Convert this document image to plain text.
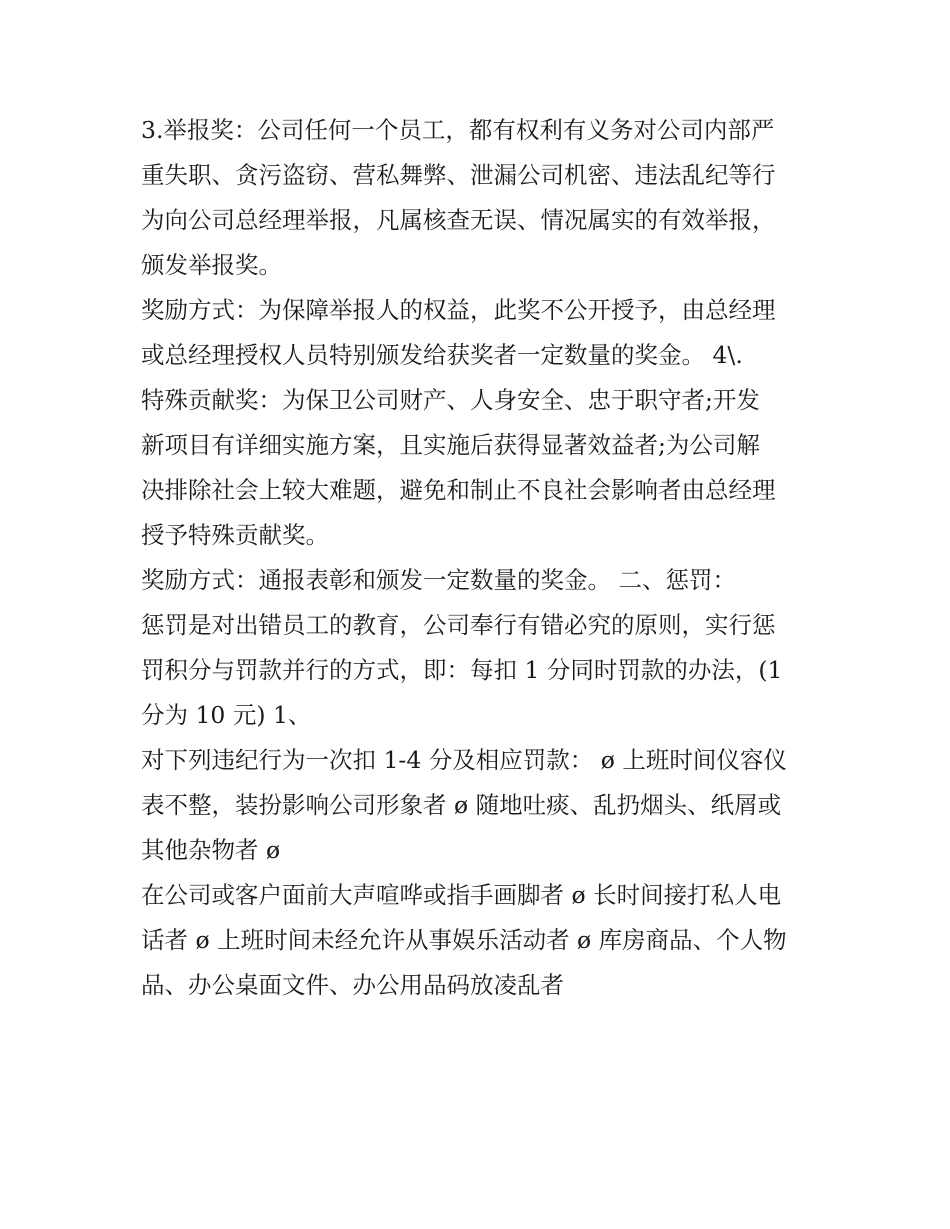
3.举报奖：公司任何一个员工，都有权利有义务对公司内部严
重失职、贪污盗窃、营私舞弊、泄漏公司机密、违法乱纪等行
为向公司总经理举报，凡属核查无误、情况属实的有效举报，
颁发举报奖。
奖励方式：为保障举报人的权益，此奖不公开授予，由总经理
或总经理授权人员特别颁发给获奖者一定数量的奖金。 4\.
特殊贡献奖：为保卫公司财产、人身安全、忠于职守者;开发
新项目有详细实施方案，且实施后获得显著效益者;为公司解
决排除社会上较大难题，避免和制止不良社会影响者由总经理
授予特殊贡献奖。
奖励方式：通报表彰和颁发一定数量的奖金。 二、惩罚：
惩罚是对出错员工的教育，公司奉行有错必究的原则，实行惩
罚积分与罚款并行的方式，即：每扣 1 分同时罚款的办法，(1
分为 10 元) 1、
对下列违纪行为一次扣 1-4 分及相应罚款： ø 上班时间仪容仪
表不整，装扮影响公司形象者 ø 随地吐痰、乱扔烟头、纸屑或
其他杂物者 ø
在公司或客户面前大声喧哗或指手画脚者 ø 长时间接打私人电
话者 ø 上班时间未经允许从事娱乐活动者 ø 库房商品、个人物
品、办公桌面文件、办公用品码放凌乱者
